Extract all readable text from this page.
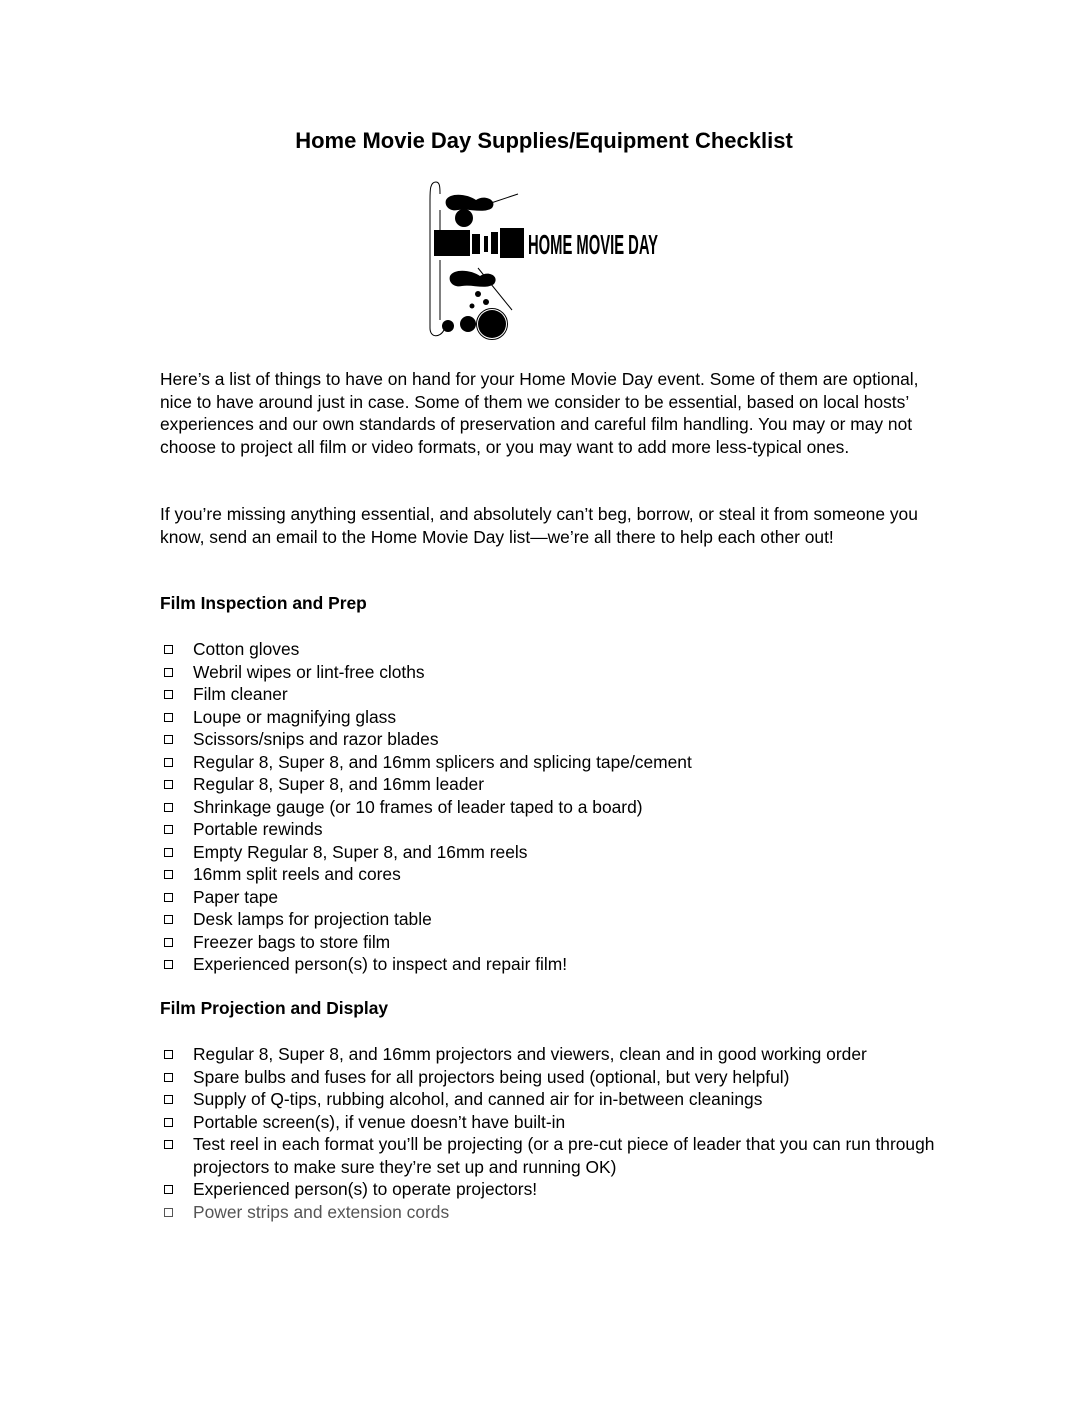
Home Movie Day Supplies/Equipment Checklist
HOME MOVIE DAY

Here’s a list of things to have on hand for your Home Movie Day event. Some of them are optional, nice to have around just in case. Some of them we consider to be essential, based on local hosts’ experiences and our own standards of preservation and careful film handling. You may or may not choose to project all film or video formats, or you may want to add more less-typical ones.

If you’re missing anything essential, and absolutely can’t beg, borrow, or steal it from someone you know, send an email to the Home Movie Day list—we’re all there to help each other out!

Film Inspection and Prep
Cotton gloves
Webril wipes or lint-free cloths
Film cleaner
Loupe or magnifying glass
Scissors/snips and razor blades
Regular 8, Super 8, and 16mm splicers and splicing tape/cement
Regular 8, Super 8, and 16mm leader
Shrinkage gauge (or 10 frames of leader taped to a board)
Portable rewinds
Empty Regular 8, Super 8, and 16mm reels
16mm split reels and cores
Paper tape
Desk lamps for projection table
Freezer bags to store film
Experienced person(s) to inspect and repair film!
Film Projection and Display
Regular 8, Super 8, and 16mm projectors and viewers, clean and in good working order
Spare bulbs and fuses for all projectors being used (optional, but very helpful)
Supply of Q-tips, rubbing alcohol, and canned air for in-between cleanings
Portable screen(s), if venue doesn’t have built-in
Test reel in each format you’ll be projecting (or a pre-cut piece of leader that you can run through projectors to make sure they’re set up and running OK)
Experienced person(s) to operate projectors!
Power strips and extension cords
